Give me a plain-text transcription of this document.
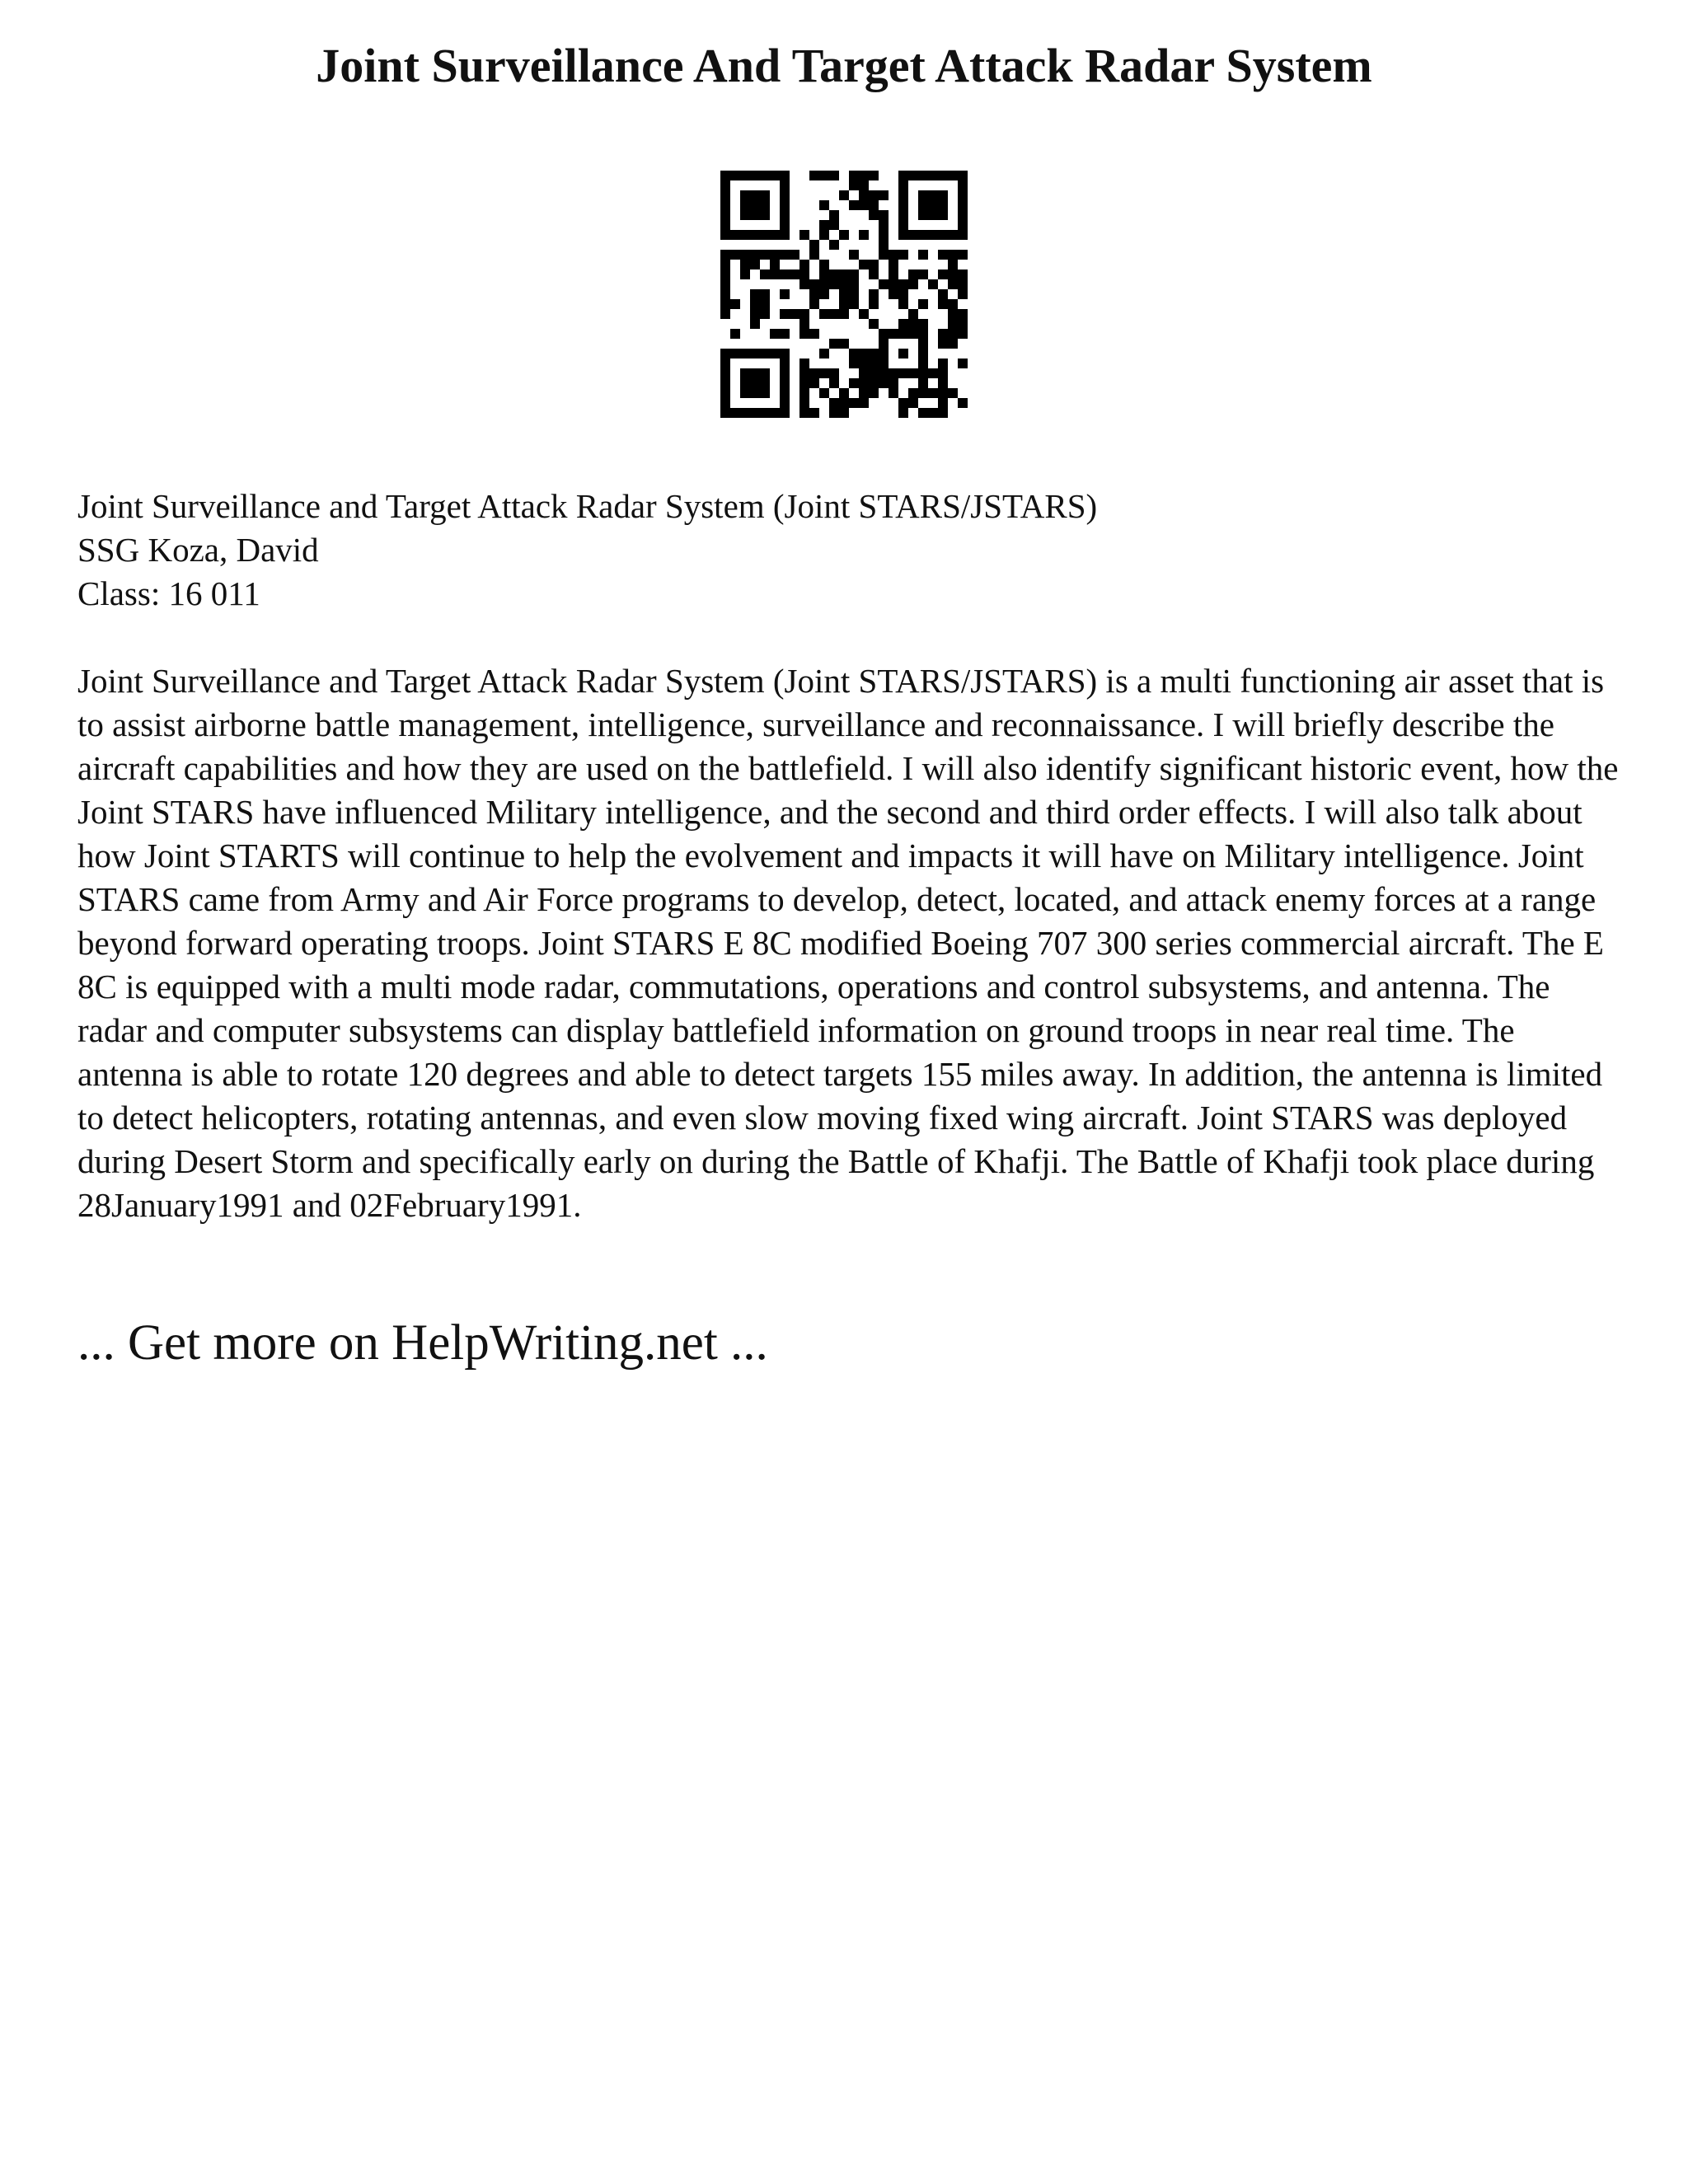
Joint Surveillance And Target Attack Radar System
Joint Surveillance and Target Attack Radar System (Joint STARS/JSTARS)
SSG Koza, David
Class: 16 011

Joint Surveillance and Target Attack Radar System (Joint STARS/JSTARS) is a multi functioning air asset that is to assist airborne battle management, intelligence, surveillance and reconnaissance. I will briefly describe the aircraft capabilities and how they are used on the battlefield. I will also identify significant historic event, how the Joint STARS have influenced Military intelligence, and the second and third order effects. I will also talk about how Joint STARTS will continue to help the evolvement and impacts it will have on Military intelligence. Joint STARS came from Army and Air Force programs to develop, detect, located, and attack enemy forces at a range beyond forward operating troops. Joint STARS E 8C modified Boeing 707 300 series commercial aircraft. The E 8C is equipped with a multi mode radar, commutations, operations and control subsystems, and antenna. The radar and computer subsystems can display battlefield information on ground troops in near real time. The antenna is able to rotate 120 degrees and able to detect targets 155 miles away. In addition, the antenna is limited to detect helicopters, rotating antennas, and even slow moving fixed wing aircraft. Joint STARS was deployed during Desert Storm and specifically early on during the Battle of Khafji. The Battle of Khafji took place during 28January1991 and 02February1991.

... Get more on HelpWriting.net ...
